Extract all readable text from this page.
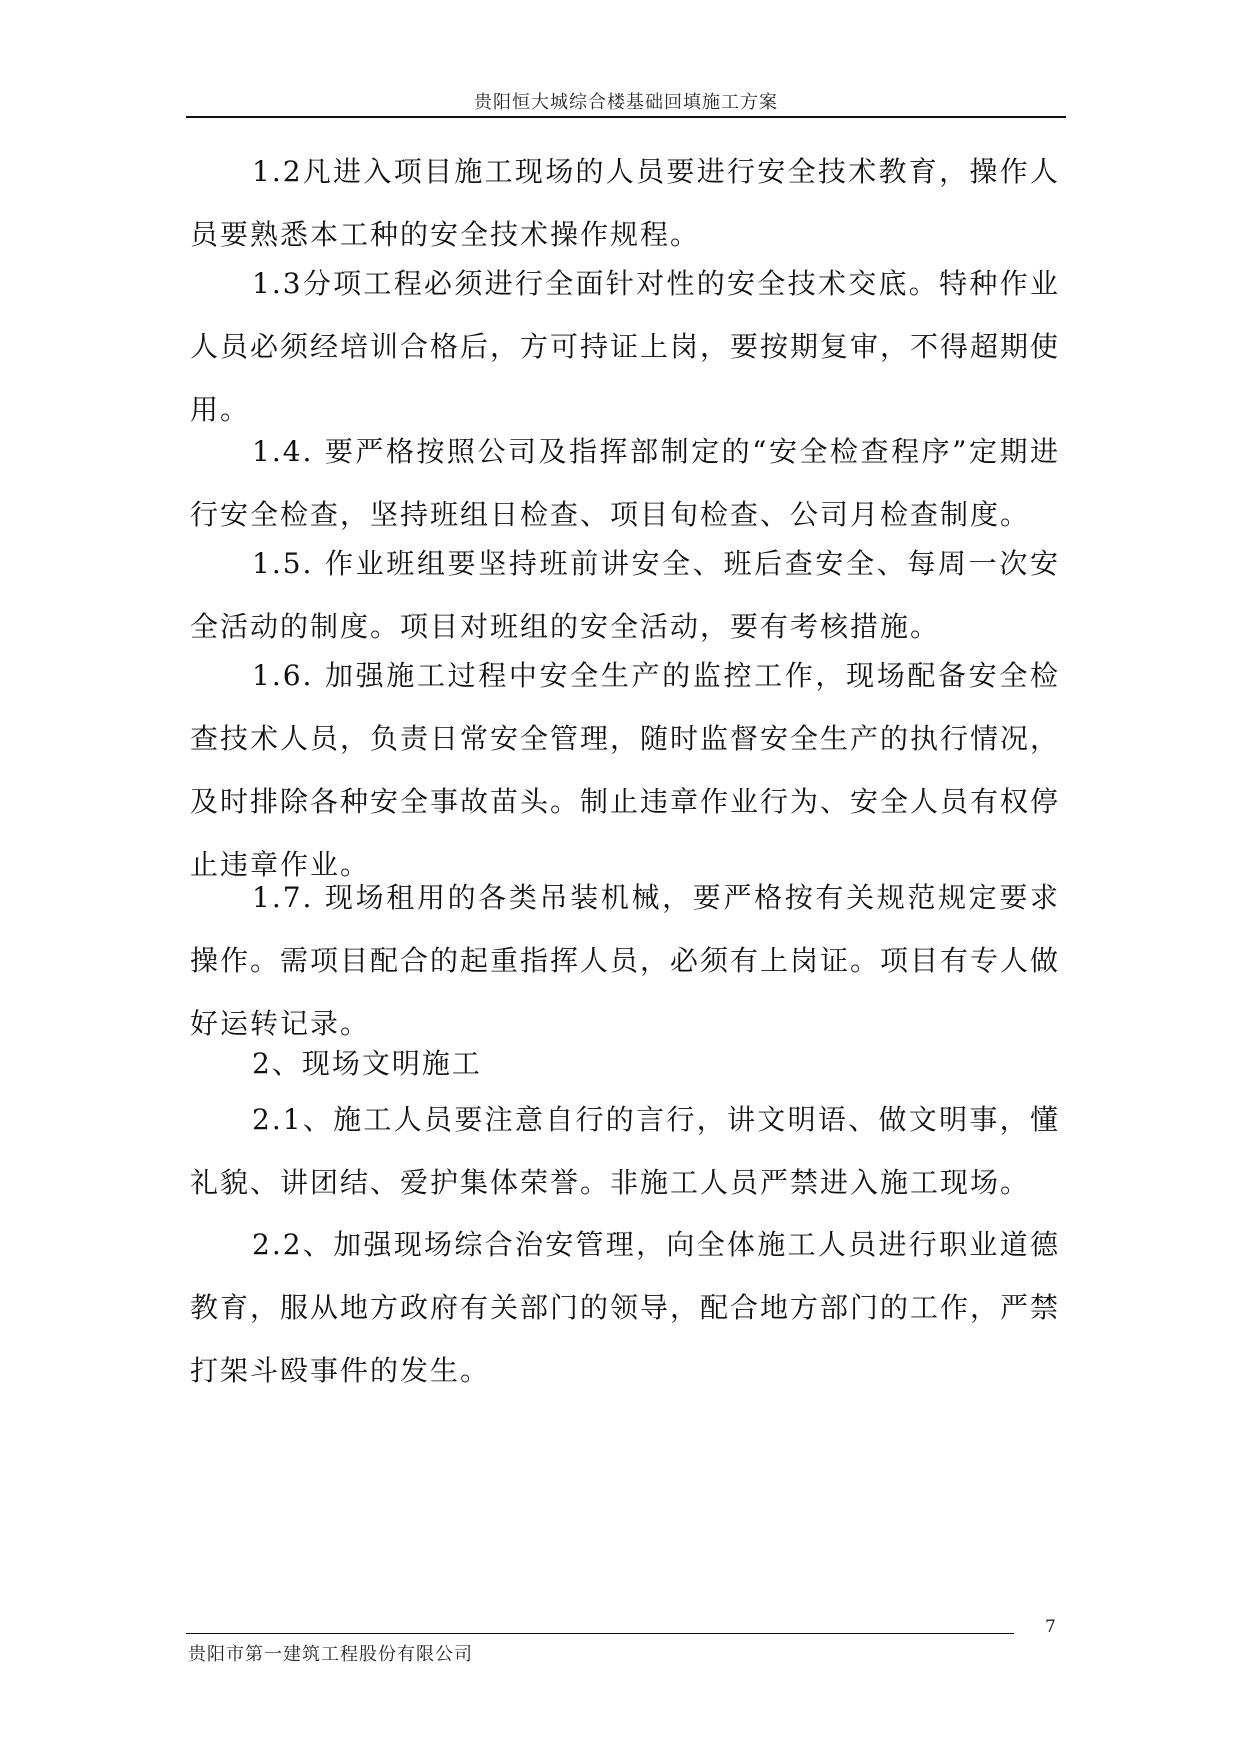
贵阳恒大城综合楼基础回填施工方案

1.2凡进入项目施工现场的人员要进行安全技术教育，操作人员要熟悉本工种的安全技术操作规程。

1.3分项工程必须进行全面针对性的安全技术交底。特种作业人员必须经培训合格后，方可持证上岗，要按期复审，不得超期使用。

1.4. 要严格按照公司及指挥部制定的“安全检查程序”定期进行安全检查，坚持班组日检查、项目旬检查、公司月检查制度。

1.5. 作业班组要坚持班前讲安全、班后查安全、每周一次安全活动的制度。项目对班组的安全活动，要有考核措施。

1.6. 加强施工过程中安全生产的监控工作，现场配备安全检查技术人员，负责日常安全管理，随时监督安全生产的执行情况，及时排除各种安全事故苗头。制止违章作业行为、安全人员有权停止违章作业。

1.7. 现场租用的各类吊装机械，要严格按有关规范规定要求操作。需项目配合的起重指挥人员，必须有上岗证。项目有专人做好运转记录。

2、现场文明施工

2.1、施工人员要注意自行的言行，讲文明语、做文明事，懂礼貌、讲团结、爱护集体荣誉。非施工人员严禁进入施工现场。

2.2、加强现场综合治安管理，向全体施工人员进行职业道德教育，服从地方政府有关部门的领导，配合地方部门的工作，严禁打架斗殴事件的发生。

7
贵阳市第一建筑工程股份有限公司
